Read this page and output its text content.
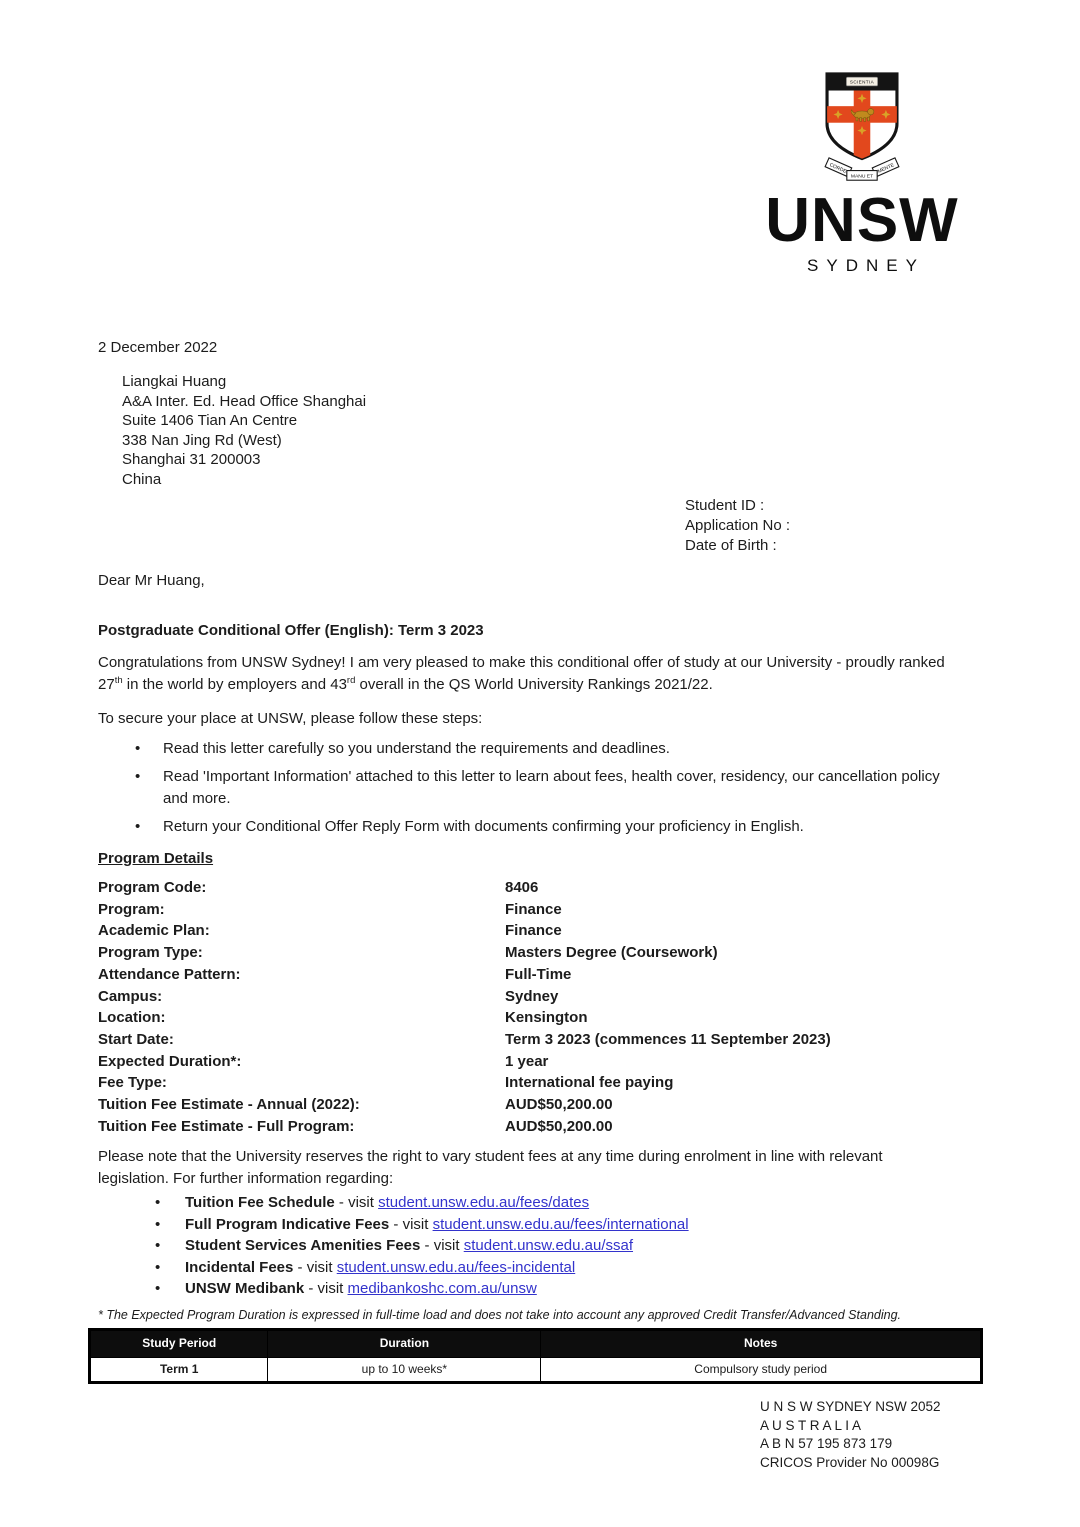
SCIENTIA
CORDE	MENTE
MANU ET
UNSW
SYDNEY
2 December 2022
Liangkai Huang
A&A Inter. Ed. Head Office Shanghai
Suite 1406 Tian An Centre
338 Nan Jing Rd (West)
Shanghai 31 200003
China
Student ID :
Application No :
Date of Birth :
Dear Mr Huang,
Postgraduate Conditional Offer (English): Term 3 2023

Congratulations from UNSW Sydney! I am very pleased to make this conditional offer of study at our University - proudly ranked 27th in the world by employers and 43rd overall in the QS World University Rankings 2021/22.

To secure your place at UNSW, please follow these steps:
• Read this letter carefully so you understand the requirements and deadlines.
• Read 'Important Information' attached to this letter to learn about fees, health cover, residency, our cancellation policy and more.
• Return your Conditional Offer Reply Form with documents confirming your proficiency in English.
Program Details
Program Code:	8406
Program:	Finance
Academic Plan:	Finance
Program Type:	Masters Degree (Coursework)
Attendance Pattern:	Full-Time
Campus:	Sydney
Location:	Kensington
Start Date:	Term 3 2023 (commences 11 September 2023)
Expected Duration*:	1 year
Fee Type:	International fee paying
Tuition Fee Estimate - Annual (2022):	AUD$50,200.00
Tuition Fee Estimate - Full Program:	AUD$50,200.00
Please note that the University reserves the right to vary student fees at any time during enrolment in line with relevant legislation. For further information regarding:
• Tuition Fee Schedule - visit student.unsw.edu.au/fees/dates
• Full Program Indicative Fees - visit student.unsw.edu.au/fees/international
• Student Services Amenities Fees - visit student.unsw.edu.au/ssaf
• Incidental Fees - visit student.unsw.edu.au/fees-incidental
• UNSW Medibank - visit medibankoshc.com.au/unsw
* The Expected Program Duration is expressed in full-time load and does not take into account any approved Credit Transfer/Advanced Standing.
Study Period	Duration	Notes
Term 1	up to 10 weeks*	Compulsory study period
U N S W SYDNEY NSW 2052
A U S T R A L I A
A B N 57 195 873 179
CRICOS Provider No 00098G
